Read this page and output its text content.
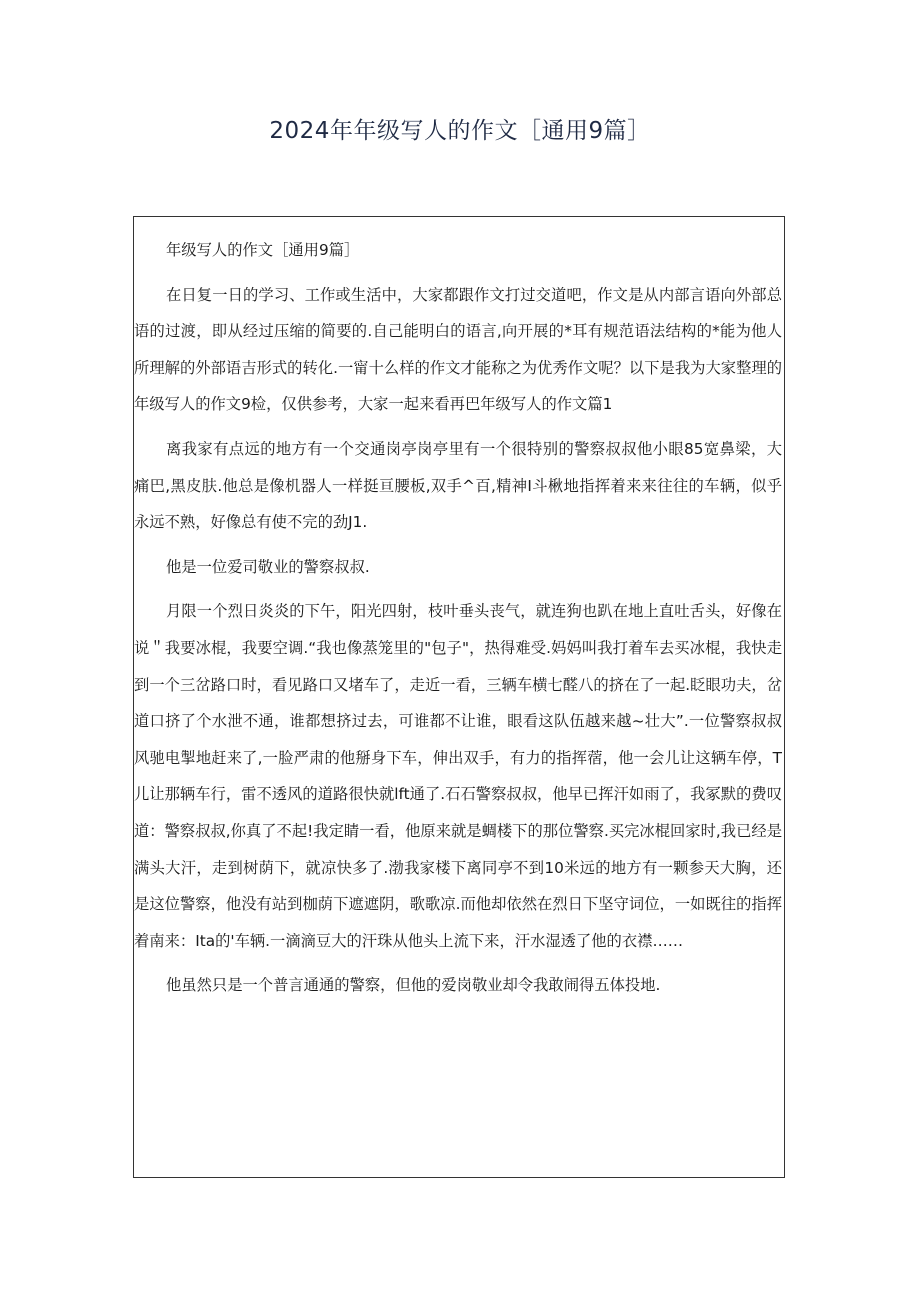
2024年年级写人的作文［通用9篇］

年级写人的作文［通用9篇］

在日复一日的学习、工作或生活中，大家都跟作文打过交道吧，作文是从内部言语向外部总语的过渡，即从经过压缩的简要的.自己能明白的语言,向开展的*耳有规范语法结构的*能为他人所理解的外部语吉形式的转化.一甯十么样的作文才能称之为优秀作文呢？以下是我为大家整理的年级写人的作文9检，仅供参考，大家一起来看再巴年级写人的作文篇1

离我家有点远的地方有一个交通岗亭岗亭里有一个很特别的警察叔叔他小眼85宽鼻梁，大痛巴,黑皮肤.他总是像机器人一样挺亘腰板,双手^百,精神I斗楸地指挥着来来往往的车辆，似乎永远不熟，好像总有使不完的劲J1.

他是一位爱司敬业的警察叔叔.

月限一个烈日炎炎的下午，阳光四射，枝叶垂头丧气，就连狗也趴在地上直吐舌头，好像在说＂我要冰棍，我要空调.“我也像蒸笼里的"包子"，热得难受.妈妈叫我打着车去买冰棍，我快走到一个三岔路口时，看见路口又堵车了，走近一看，三辆车横七醛八的挤在了一起.眨眼功夫，岔道口挤了个水泄不通，谁都想挤过去，可谁都不让谁，眼看这队伍越来越~壮大”.一位警察叔叔风驰电掣地赶来了,一脸严肃的他掰身下车，伸出双手，有力的指挥蓿，他一会儿让这辆车停，T儿让那辆车行，雷不透风的道路很快就lft通了.石石警察叔叔，他早已挥汗如雨了，我冢默的费叹道：警察叔叔,你真了不起!我定睛一看，他原来就是蜩楼下的那位警察.买完冰棍回家时,我已经是满头大汗，走到树荫下，就凉快多了.渤我家楼下离同亭不到10米远的地方有一颗参天大胸，还是这位警察，他没有站到枷荫下遮遮阴，歌歌凉.而他却依然在烈日下坚守词位，一如既往的指挥着南来：Ita的'车辆.一滴滴豆大的汗珠从他头上流下来，汗水湿透了他的衣襟……

他虽然只是一个普言通通的警察，但他的爱岗敬业却令我敢闹得五体投地.
